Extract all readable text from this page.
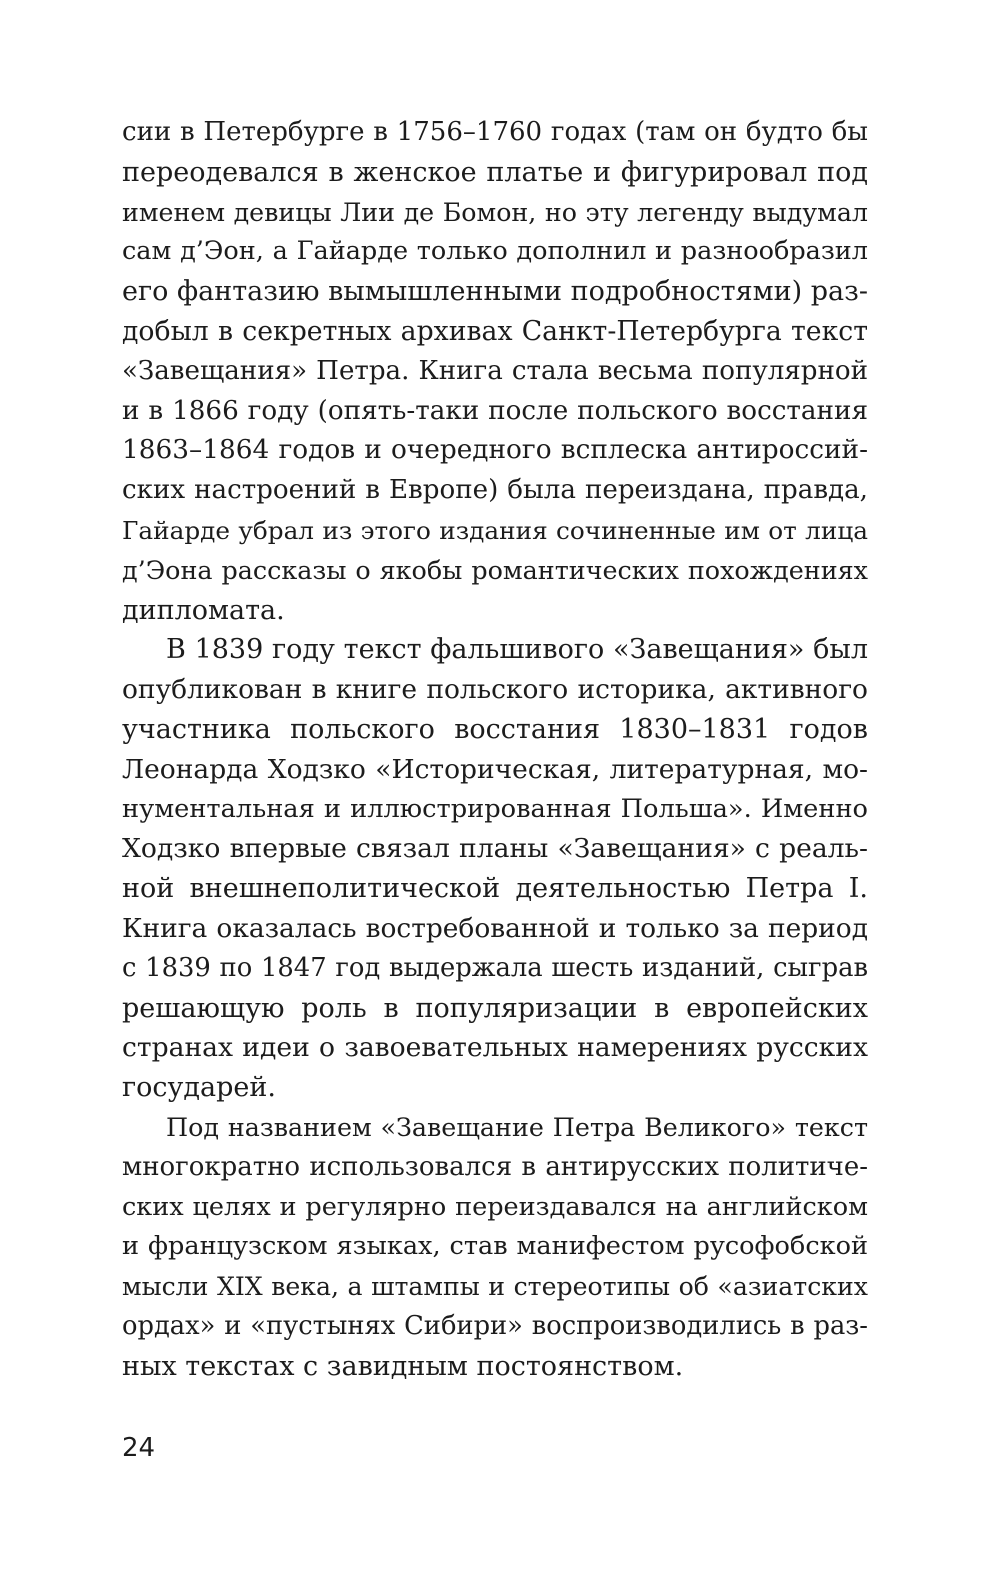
сии в Петербурге в 1756–1760 годах (там он будто бы
переодевался в женское платье и фигурировал под
именем девицы Лии де Бомон, но эту легенду выдумал
сам д’Эон, а Гайарде только дополнил и разнообразил
его фантазию вымышленными подробностями) раз-
добыл в секретных архивах Санкт-Петербурга текст
«Завещания» Петра. Книга стала весьма популярной
и в 1866 году (опять-таки после польского восстания
1863–1864 годов и очередного всплеска антироссий-
ских настроений в Европе) была переиздана, правда,
Гайарде убрал из этого издания сочиненные им от лица
д’Эона рассказы о якобы романтических похождениях
дипломата.
В 1839 году текст фальшивого «Завещания» был
опубликован в книге польского историка, активного
участника польского восстания 1830–1831 годов
Леонарда Ходзко «Историческая, литературная, мо-
нументальная и иллюстрированная Польша». Именно
Ходзко впервые связал планы «Завещания» с реаль-
ной внешнеполитической деятельностью Петра I.
Книга оказалась востребованной и только за период
с 1839 по 1847 год выдержала шесть изданий, сыграв
решающую роль в популяризации в европейских
странах идеи о завоевательных намерениях русских
государей.
Под названием «Завещание Петра Великого» текст
многократно использовался в антирусских политиче-
ских целях и регулярно переиздавался на английском
и французском языках, став манифестом русофобской
мысли XIX века, а штампы и стереотипы об «азиатских
ордах» и «пустынях Сибири» воспроизводились в раз-
ных текстах с завидным постоянством.
24
